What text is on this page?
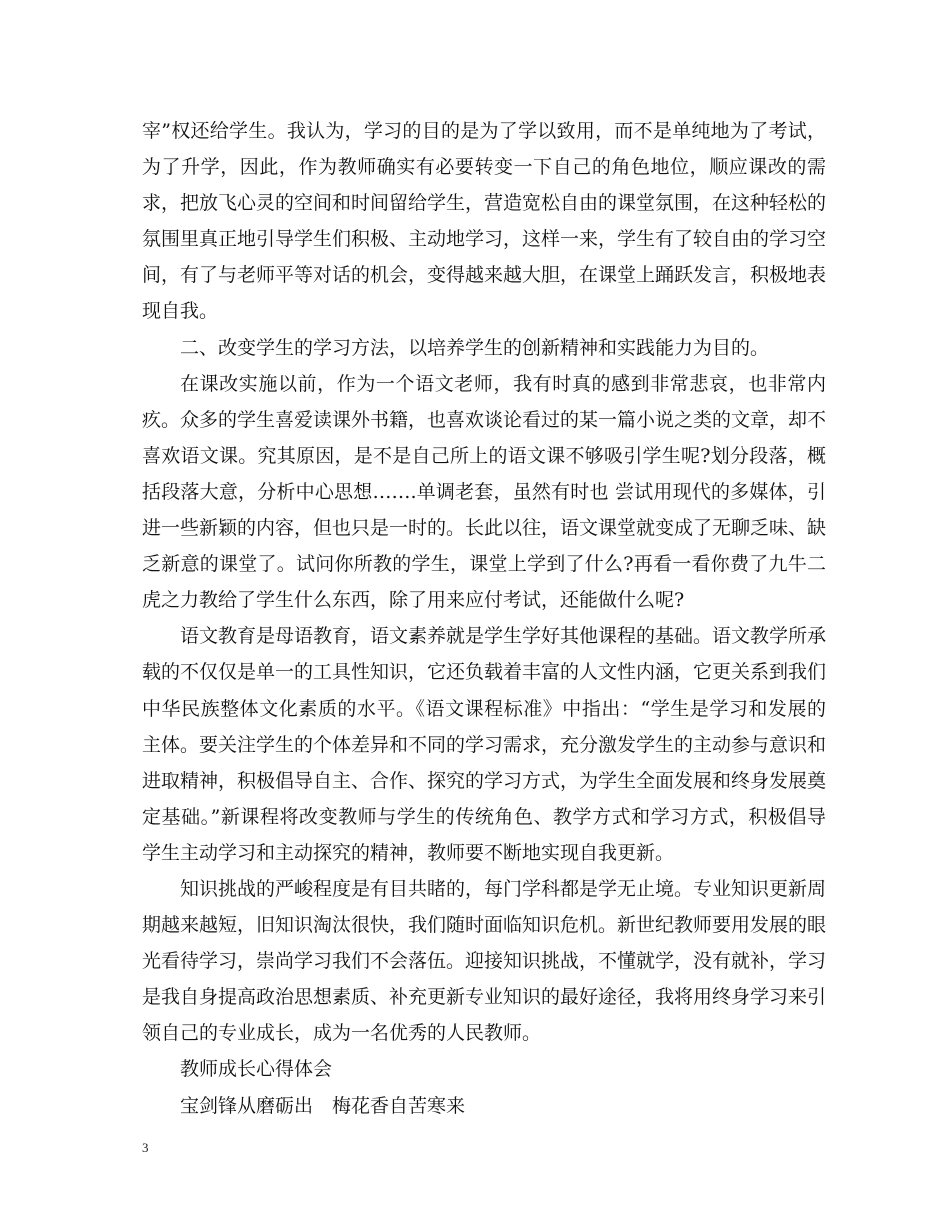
宰”权还给学生。我认为，学习的目的是为了学以致用，而不是单纯地为了考试，为了升学，因此，作为教师确实有必要转变一下自己的角色地位，顺应课改的需求，把放飞心灵的空间和时间留给学生，营造宽松自由的课堂氛围，在这种轻松的氛围里真正地引导学生们积极、主动地学习，这样一来，学生有了较自由的学习空间，有了与老师平等对话的机会，变得越来越大胆，在课堂上踊跃发言，积极地表现自我。

二、改变学生的学习方法，以培养学生的创新精神和实践能力为目的。

在课改实施以前，作为一个语文老师，我有时真的感到非常悲哀，也非常内疚。众多的学生喜爱读课外书籍，也喜欢谈论看过的某一篇小说之类的文章，却不喜欢语文课。究其原因，是不是自己所上的语文课不够吸引学生呢?划分段落，概括段落大意，分析中心思想…….单调老套，虽然有时也 尝试用现代的多媒体，引进一些新颖的内容，但也只是一时的。长此以往，语文课堂就变成了无聊乏味、缺乏新意的课堂了。试问你所教的学生，课堂上学到了什么?再看一看你费了九牛二虎之力教给了学生什么东西，除了用来应付考试，还能做什么呢?

语文教育是母语教育，语文素养就是学生学好其他课程的基础。语文教学所承载的不仅仅是单一的工具性知识，它还负载着丰富的人文性内涵，它更关系到我们中华民族整体文化素质的水平。《语文课程标准》中指出：“学生是学习和发展的主体。要关注学生的个体差异和不同的学习需求，充分激发学生的主动参与意识和进取精神，积极倡导自主、合作、探究的学习方式，为学生全面发展和终身发展奠定基础。”新课程将改变教师与学生的传统角色、教学方式和学习方式，积极倡导学生主动学习和主动探究的精神，教师要不断地实现自我更新。

知识挑战的严峻程度是有目共睹的，每门学科都是学无止境。专业知识更新周期越来越短，旧知识淘汰很快，我们随时面临知识危机。新世纪教师要用发展的眼光看待学习，崇尚学习我们不会落伍。迎接知识挑战，不懂就学，没有就补，学习是我自身提高政治思想素质、补充更新专业知识的最好途径，我将用终身学习来引领自己的专业成长，成为一名优秀的人民教师。

教师成长心得体会

宝剑锋从磨砺出　梅花香自苦寒来

3
